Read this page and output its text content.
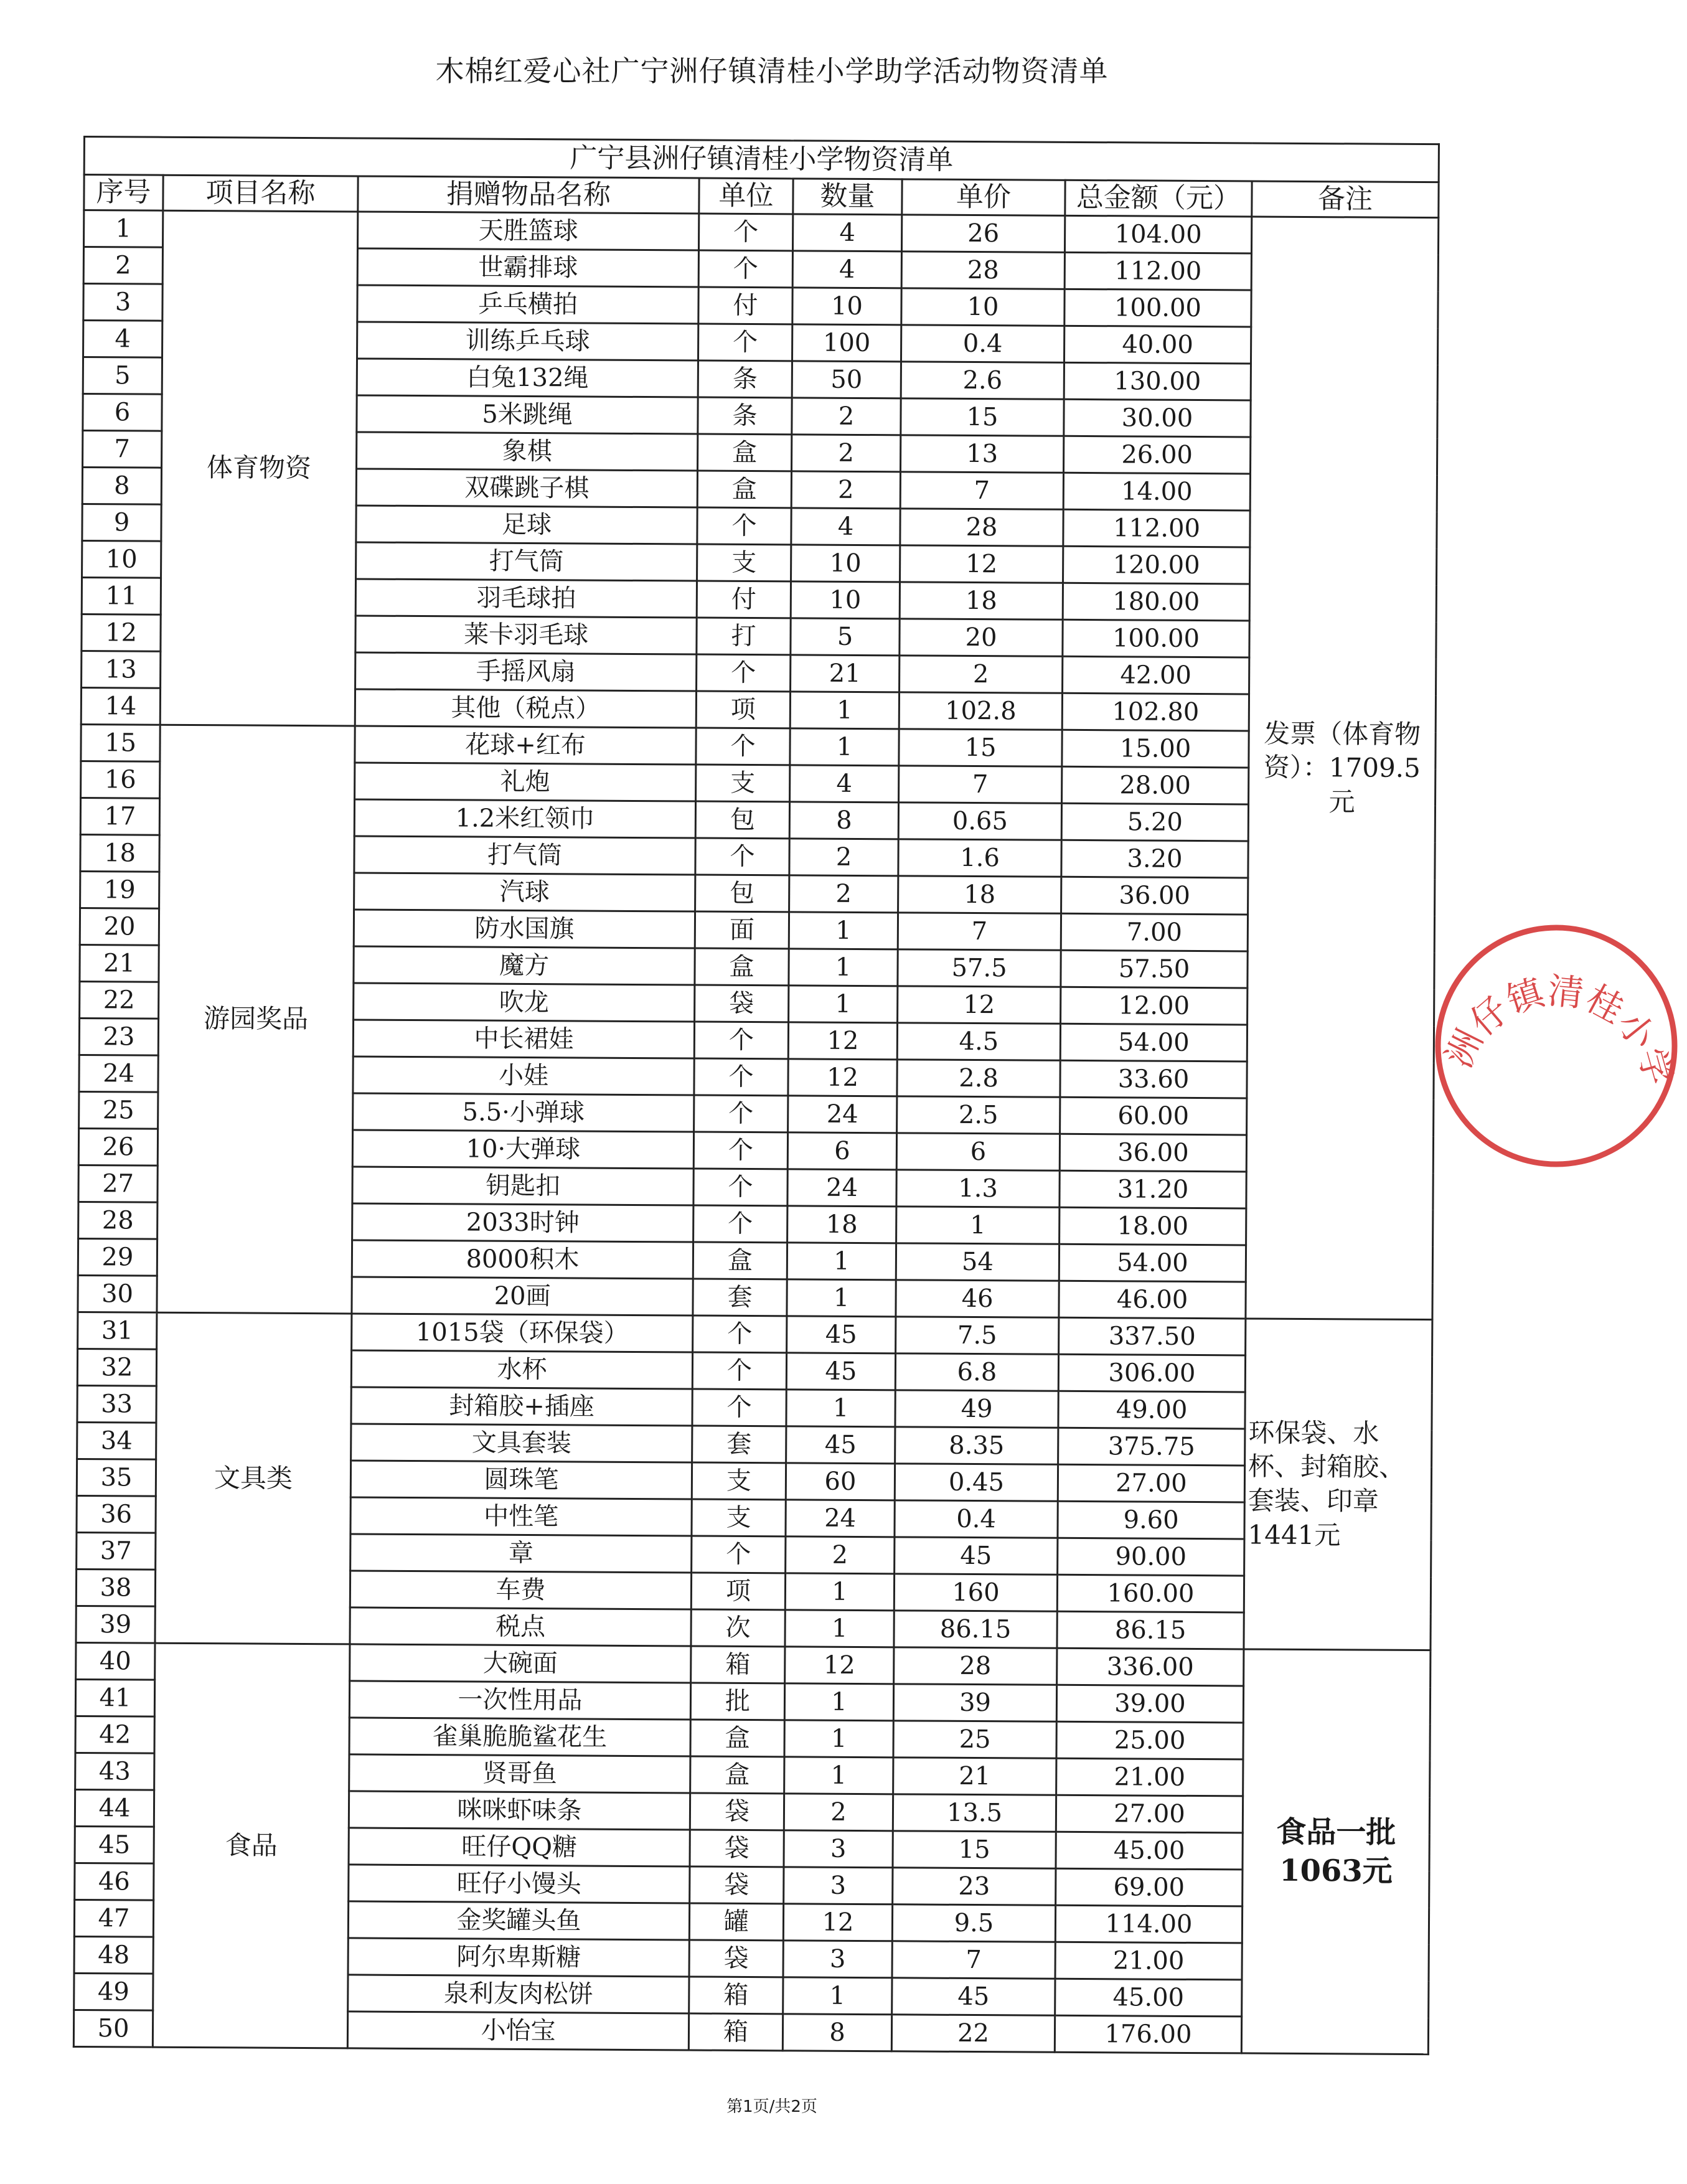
木棉红爱心社广宁洲仔镇清桂小学助学活动物资清单
广宁县洲仔镇清桂小学物资清单							
序号	项目名称	捐赠物品名称	单位	数量	单价	总金额（元）	备注
1	体育物资	天胜篮球	个	4	26	104.00	发票（体育物资）：1709.5元
2		世霸排球	个	4	28	112.00	
3		乒乓横拍	付	10	10	100.00	
4		训练乒乓球	个	100	0.4	40.00	
5		白兔132绳	条	50	2.6	130.00	
6		5米跳绳	条	2	15	30.00	
7		象棋	盒	2	13	26.00	
8		双碟跳子棋	盒	2	7	14.00	
9		足球	个	4	28	112.00	
10		打气筒	支	10	12	120.00	
11		羽毛球拍	付	10	18	180.00	
12		莱卡羽毛球	打	5	20	100.00	
13		手摇风扇	个	21	2	42.00	
14		其他（税点）	项	1	102.8	102.80	
15	游园奖品	花球+红布	个	1	15	15.00	
16		礼炮	支	4	7	28.00	
17		1.2米红领巾	包	8	0.65	5.20	
18		打气筒	个	2	1.6	3.20	
19		汽球	包	2	18	36.00	
20		防水国旗	面	1	7	7.00	
21		魔方	盒	1	57.5	57.50	
22		吹龙	袋	1	12	12.00	
23		中长裙娃	个	12	4.5	54.00	
24		小娃	个	12	2.8	33.60	
25		5.5·小弹球	个	24	2.5	60.00	
26		10·大弹球	个	6	6	36.00	
27		钥匙扣	个	24	1.3	31.20	
28		2033时钟	个	18	1	18.00	
29		8000积木	盒	1	54	54.00	
30		20画	套	1	46	46.00	
31	文具类	1015袋（环保袋）	个	45	7.5	337.50	环保袋、水杯、封箱胶、套装、印章1441元
32		水杯	个	45	6.8	306.00	
33		封箱胶+插座	个	1	49	49.00	
34		文具套装	套	45	8.35	375.75	
35		圆珠笔	支	60	0.45	27.00	
36		中性笔	支	24	0.4	9.60	
37		章	个	2	45	90.00	
38		车费	项	1	160	160.00	
39		税点	次	1	86.15	86.15	
40	食品	大碗面	箱	12	28	336.00	食品一批1063元
41		一次性用品	批	1	39	39.00	
42		雀巢脆脆鲨花生	盒	1	25	25.00	
43		贤哥鱼	盒	1	21	21.00	
44		咪咪虾味条	袋	2	13.5	27.00	
45		旺仔QQ糖	袋	3	15	45.00	
46		旺仔小馒头	袋	3	23	69.00	
47		金奖罐头鱼	罐	12	9.5	114.00	
48		阿尔卑斯糖	袋	3	7	21.00	
49		泉利友肉松饼	箱	1	45	45.00	
50		小怡宝	箱	8	22	176.00	
洲仔镇清桂小学
第1页/共2页
